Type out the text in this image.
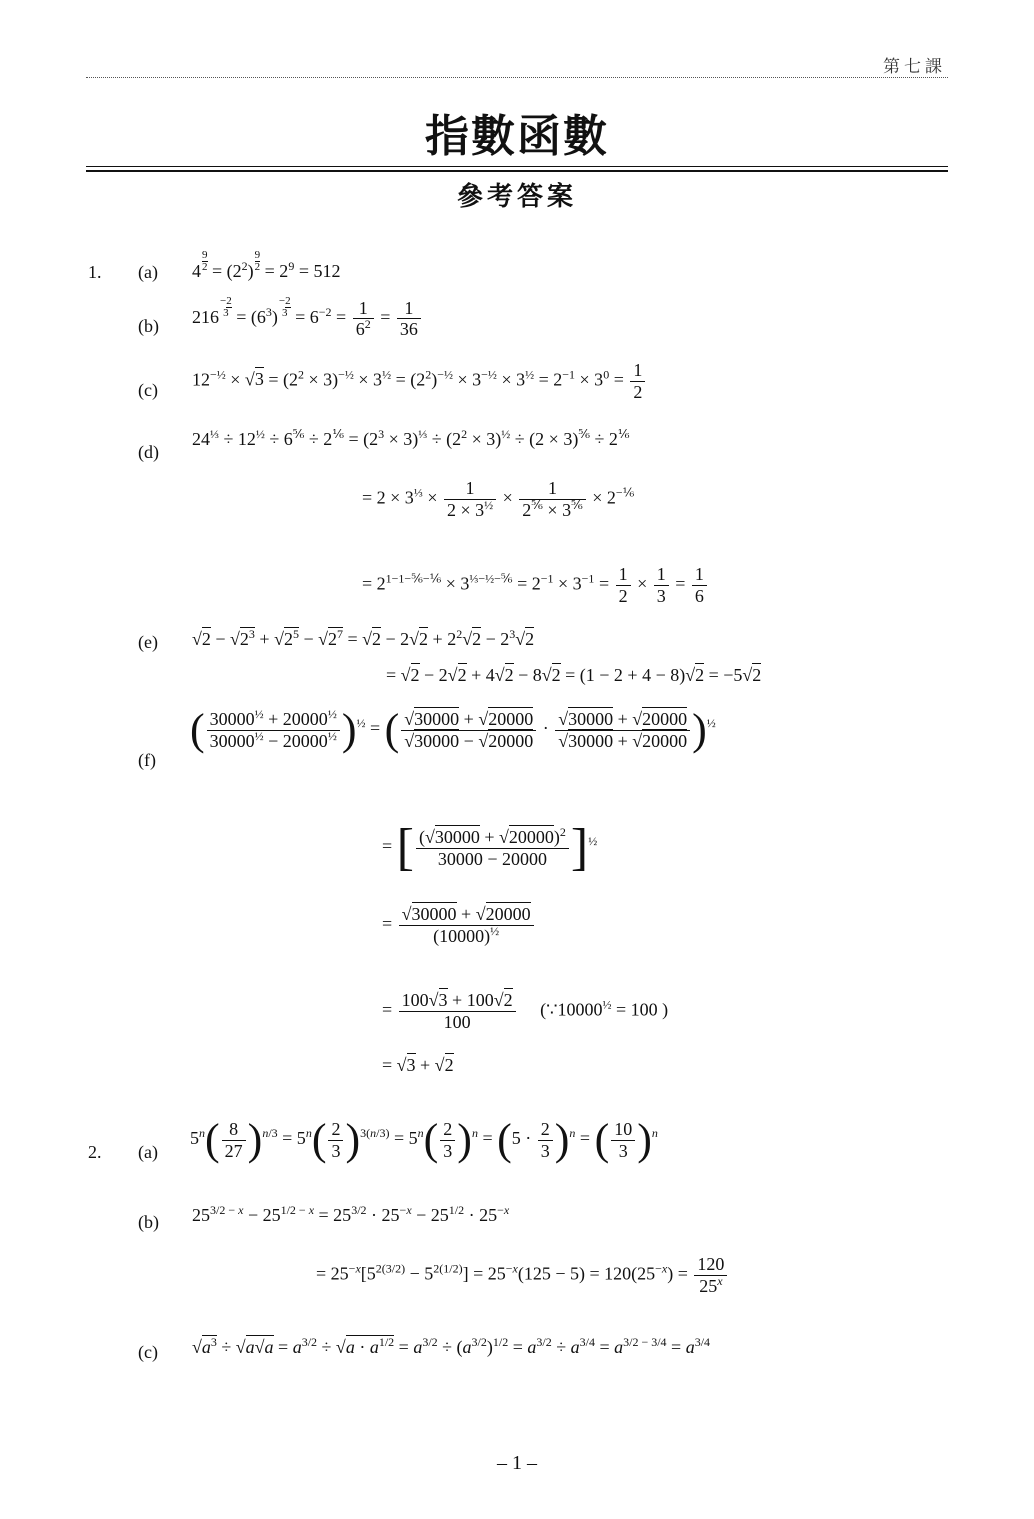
第七課
指數函數
參考答案
1. (a) $4 \frac{9}{2} = (2^2) \frac{9}{2} = 2^9 = 512$
(b) 216−2
$3 = (6^3)-2$
$3 = 6^{-2} = \frac{1}{6^2} = \frac{1}{36}$
(c)
$12^{-\frac{1}{2}} \times √3 = (2^2 \times 3)^{-\frac{1}{2}} \times 3^{\frac{1}{2}} = (2^2)^{-\frac{1}{2}} \times 3^{-\frac{1}{2}} \times 3^{\frac{1}{2}} = 2^{-1} \times 3^0 = \frac{1}{2}$
(d)
$24^{\frac{1}{3}} \div 12^{\frac{1}{2}} \div 6^{\frac{5}{6}} \div 2^{\frac{1}{6}} = (2^3 \times 3)^{\frac{1}{3}} \div (2^2 \times 3)^{\frac{1}{2}} \div (2 \times 3)^{\frac{5}{6}} \div 2^{\frac{1}{6}}$
= $2 \times 3^{\frac{1}{3}} \times \frac{1}{2 \times 3^{\frac{1}{2}}} \times \frac{1}{2^{\frac{5}{6}} \times 3^{\frac{5}{6}}} \times 2^{-\frac{1}{6}}$
= $2^{1-1-\frac{5}{6}-\frac{1}{6}} \times 3^{\frac{1}{3}-\frac{1}{2}-\frac{5}{6}} = 2^{-1} \times 3^{-1} = \frac{1}{2} \times \frac{1}{3} = \frac{1}{6}$
(e) $√2 - √2^3 + √2^5 - √2^7 = √2 - 2√2 + 2^2√2 - 2^3√2$
= √2 − 2√2 + 4√2 − 8√2 = (1 − 2 + 4 − 8)√2 = −5√2
(f)
( $\frac{30000^{\frac{1}{2}} + 20000^{\frac{1}{2}}}{30000^{\frac{1}{2}} - 20000^{\frac{1}{2}}} )^{\frac{1}{2}}$ = ( $\frac{√30000 + √20000}{√30000 - √20000} \cdot \frac{√30000 + √20000}{√30000 + √20000} )^{\frac{1}{2}}$
= [ $\frac{(√30000 + √20000)^2}{30000 - 20000} ]^{\frac{1}{2}}$
= $\frac{√30000 + √20000}{(10000)^{\frac{1}{2}}}$
= $\frac{100√3 + 100√2}{100}$ ($\because 10000^{\frac{1}{2}} = 100$ )
= √3 + √2
2. (a)
$5^n( \frac{8}{27} )^{n/3} = 5^n( \frac{2}{3} )^{3(n/3)} = 5^n( \frac{2}{3} )^n = (5 \cdot \frac{2}{3} )^n$ = ( $\frac{10}{3} )^n$
(b) $25^{3/2 - x} - 25^{1/2 - x} = 25^{3/2} \cdot 25^{-x} - 25^{1/2} \cdot 25^{-x}$
= $25^{-x}[5^{2(3/2)} - 5^{2(1/2)}] = 25^{-x}(125 - 5) = 120(25^{-x}) = \frac{120}{25^x}$
(c) $√a^3 \div √a√a = a^{3/2} \div √a \cdot a^{1/2} = a^{3/2} \div (a^{3/2})^{1/2} = a^{3/2} \div a^{3/4} = a^{3/2 - 3/4} = a^{3/4}$
– 1 –
